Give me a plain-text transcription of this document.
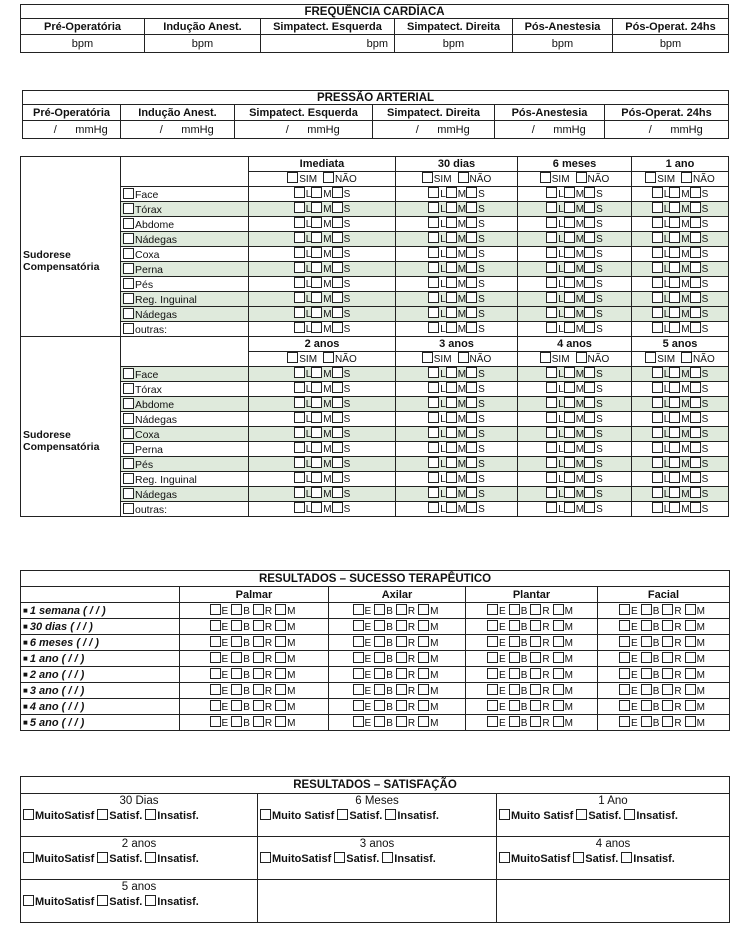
FREQUÊNCIA CARDÍACA					
Pré-Operatória	Indução Anest.	Simpatect. Esquerda	Simpatect. Direita	Pós-Anestesia	Pós-Operat. 24hs
bpm	bpm	bpm	bpm	bpm	bpm
PRESSÃO ARTERIAL					
Pré-Operatória	Indução Anest.	Simpatect. Esquerda	Simpatect. Direita	Pós-Anestesia	Pós-Operat. 24hs
/ mmHg	/ mmHg	/ mmHg	/ mmHg	/ mmHg	/ mmHg
		Imediata	30 dias	6 meses	1 ano
		SIM NÃO	SIM NÃO	SIM NÃO	SIM NÃO
Sudorese Compensatória	Face	L M S	L M S	L M S	L M S
	Tórax	L M S	L M S	L M S	L M S
	Abdome	L M S	L M S	L M S	L M S
	Nádegas	L M S	L M S	L M S	L M S
	Coxa	L M S	L M S	L M S	L M S
	Perna	L M S	L M S	L M S	L M S
	Pés	L M S	L M S	L M S	L M S
	Reg. Inguinal	L M S	L M S	L M S	L M S
	Nádegas	L M S	L M S	L M S	L M S
	outras:	L M S	L M S	L M S	L M S
		2 anos	3 anos	4 anos	5 anos
		SIM NÃO	SIM NÃO	SIM NÃO	SIM NÃO
Sudorese Compensatória	Face	L M S	L M S	L M S	L M S
	Tórax	L M S	L M S	L M S	L M S
	Abdome	L M S	L M S	L M S	L M S
	Nádegas	L M S	L M S	L M S	L M S
	Coxa	L M S	L M S	L M S	L M S
	Perna	L M S	L M S	L M S	L M S
	Pés	L M S	L M S	L M S	L M S
	Reg. Inguinal	L M S	L M S	L M S	L M S
	Nádegas	L M S	L M S	L M S	L M S
	outras:	L M S	L M S	L M S	L M S
RESULTADOS – SUCESSO TERAPÊUTICO				
	Palmar	Axilar	Plantar	Facial
■ 1 semana ( / / )	E B R M	E B R M	E B R M	E B R M
■ 30 dias ( / / )	E B R M	E B R M	E B R M	E B R M
■ 6 meses ( / / )	E B R M	E B R M	E B R M	E B R M
■ 1 ano ( / / )	E B R M	E B R M	E B R M	E B R M
■ 2 ano ( / / )	E B R M	E B R M	E B R M	E B R M
■ 3 ano ( / / )	E B R M	E B R M	E B R M	E B R M
■ 4 ano ( / / )	E B R M	E B R M	E B R M	E B R M
■ 5 ano ( / / )	E B R M	E B R M	E B R M	E B R M
RESULTADOS – SATISFAÇÃO		
30 Dias	6 Meses	1 Ano
MuitoSatisf Satisf. Insatisf.	Muito Satisf Satisf. Insatisf.	Muito Satisf Satisf. Insatisf.
2 anos	3 anos	4 anos
MuitoSatisf Satisf. Insatisf.	MuitoSatisf Satisf. Insatisf.	MuitoSatisf Satisf. Insatisf.
5 anos		
MuitoSatisf Satisf. Insatisf.		
